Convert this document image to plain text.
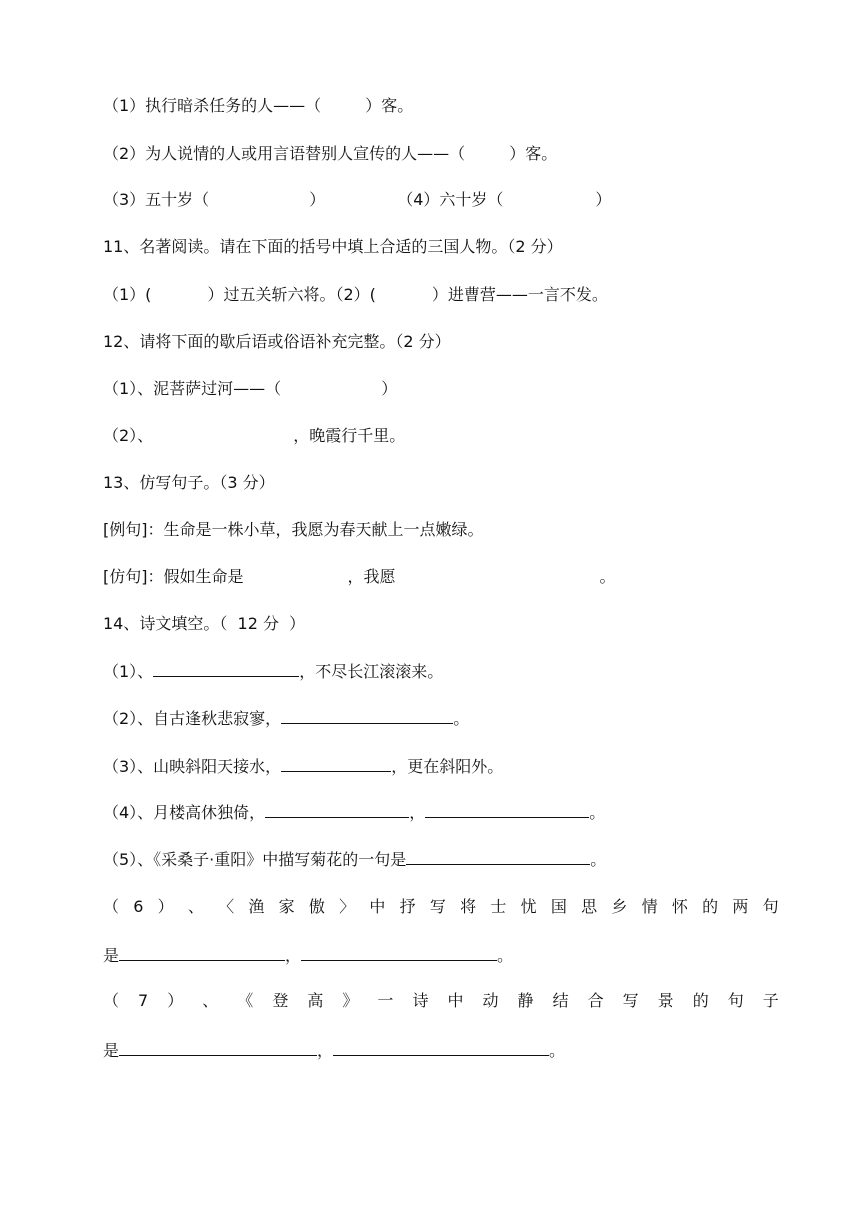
（1）执行暗杀任务的人——（	）客。
（2）为人说情的人或用言语替别人宣传的人——（	）客。
（3）五十岁（	）	（4）六十岁（	）
11、名著阅读。请在下面的括号中填上合适的三国人物。（2 分）
（1）(	）过五关斩六将。（2）(	）进曹营——一言不发。
12、请将下面的歇后语或俗语补充完整。（2 分）
（1）、泥菩萨过河——（	）
（2）、	，晚霞行千里。
13、仿写句子。（3 分）
[例句]：生命是一株小草，我愿为春天献上一点嫩绿。
[仿句]：假如生命是	，我愿	。
14、诗文填空。（  12 分  ）
（1）、	，不尽长江滚滚来。
（2）、自古逢秋悲寂寥，	。
（3）、山映斜阳天接水，	，更在斜阳外。
（4）、月楼高休独倚，	，	。
（5）、《采桑子·重阳》中描写菊花的一句是	。
（ 6 ） 、 〈 渔 家 傲 〉 中 抒 写 将 士 忧 国 思 乡 情 怀 的 两 句
是	，	。
（ 7 ） 、 《 登 高 》 一 诗 中 动 静 结 合 写 景 的 句 子
是	，	。
